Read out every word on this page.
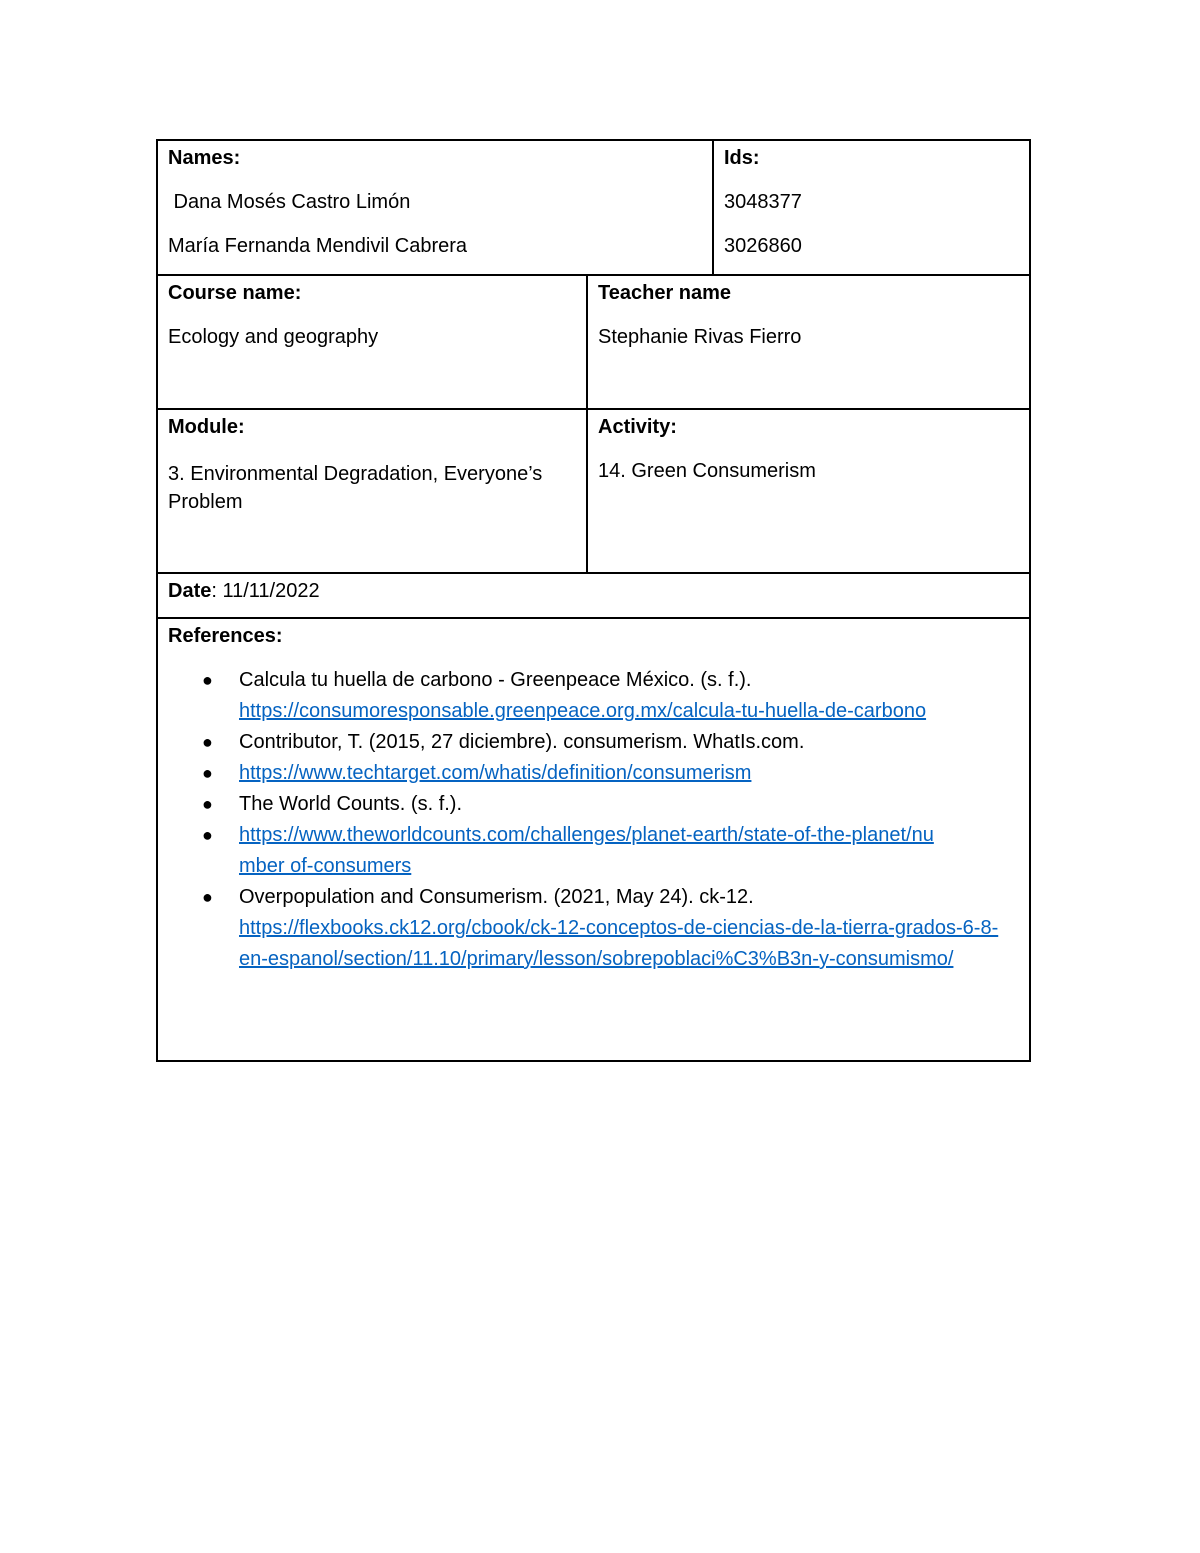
Names:
Dana Mosés Castro Limón
María Fernanda Mendivil Cabrera
Ids:
3048377
3026860
Course name:
Ecology and geography
Teacher name
Stephanie Rivas Fierro
Module:
3. Environmental Degradation, Everyone’s
Problem
Activity:
14. Green Consumerism
Date: 11/11/2022
References:
● Calcula tu huella de carbono - Greenpeace México. (s. f.).
https://consumoresponsable.greenpeace.org.mx/calcula-tu-huella-de-carbono
● Contributor, T. (2015, 27 diciembre). consumerism. WhatIs.com.
● https://www.techtarget.com/whatis/definition/consumerism
● The World Counts. (s. f.).
● https://www.theworldcounts.com/challenges/planet-earth/state-of-the-planet/number of-consumers
● Overpopulation and Consumerism. (2021, May 24). ck-12.
https://flexbooks.ck12.org/cbook/ck-12-conceptos-de-ciencias-de-la-tierra-grados-6-8-en-espanol/section/11.10/primary/lesson/sobrepoblaci%C3%B3n-y-consumismo/
